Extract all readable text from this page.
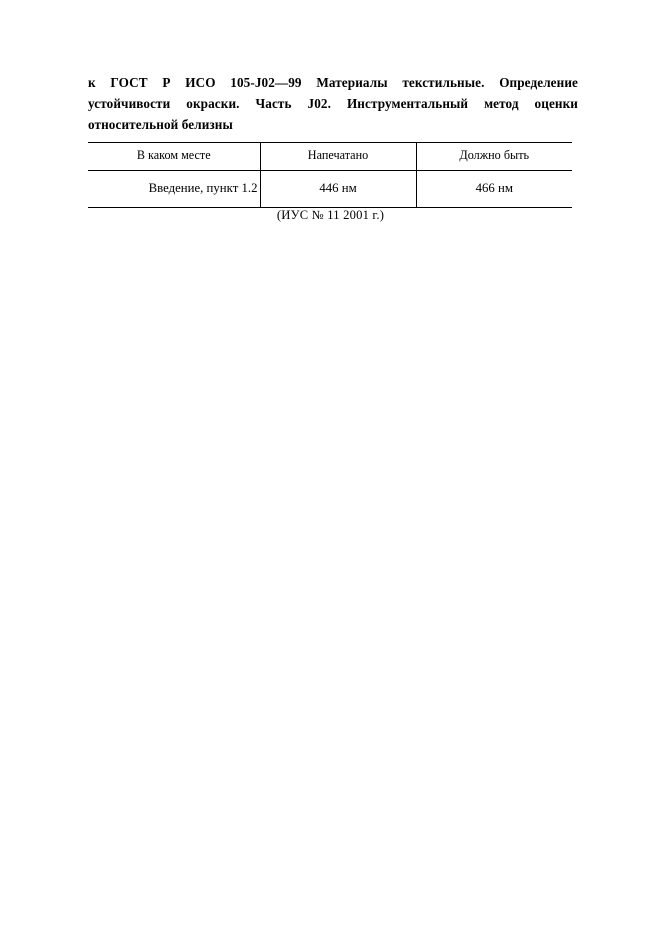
к ГОСТ Р ИСО 105-J02—99 Материалы текстильные. Определение устойчивости окраски. Часть J02. Инструментальный метод оценки относительной белизны
В каком месте	Напечатано	Должно быть
Введение, пункт 1.2	446 нм	466 нм
(ИУС № 11 2001 г.)
